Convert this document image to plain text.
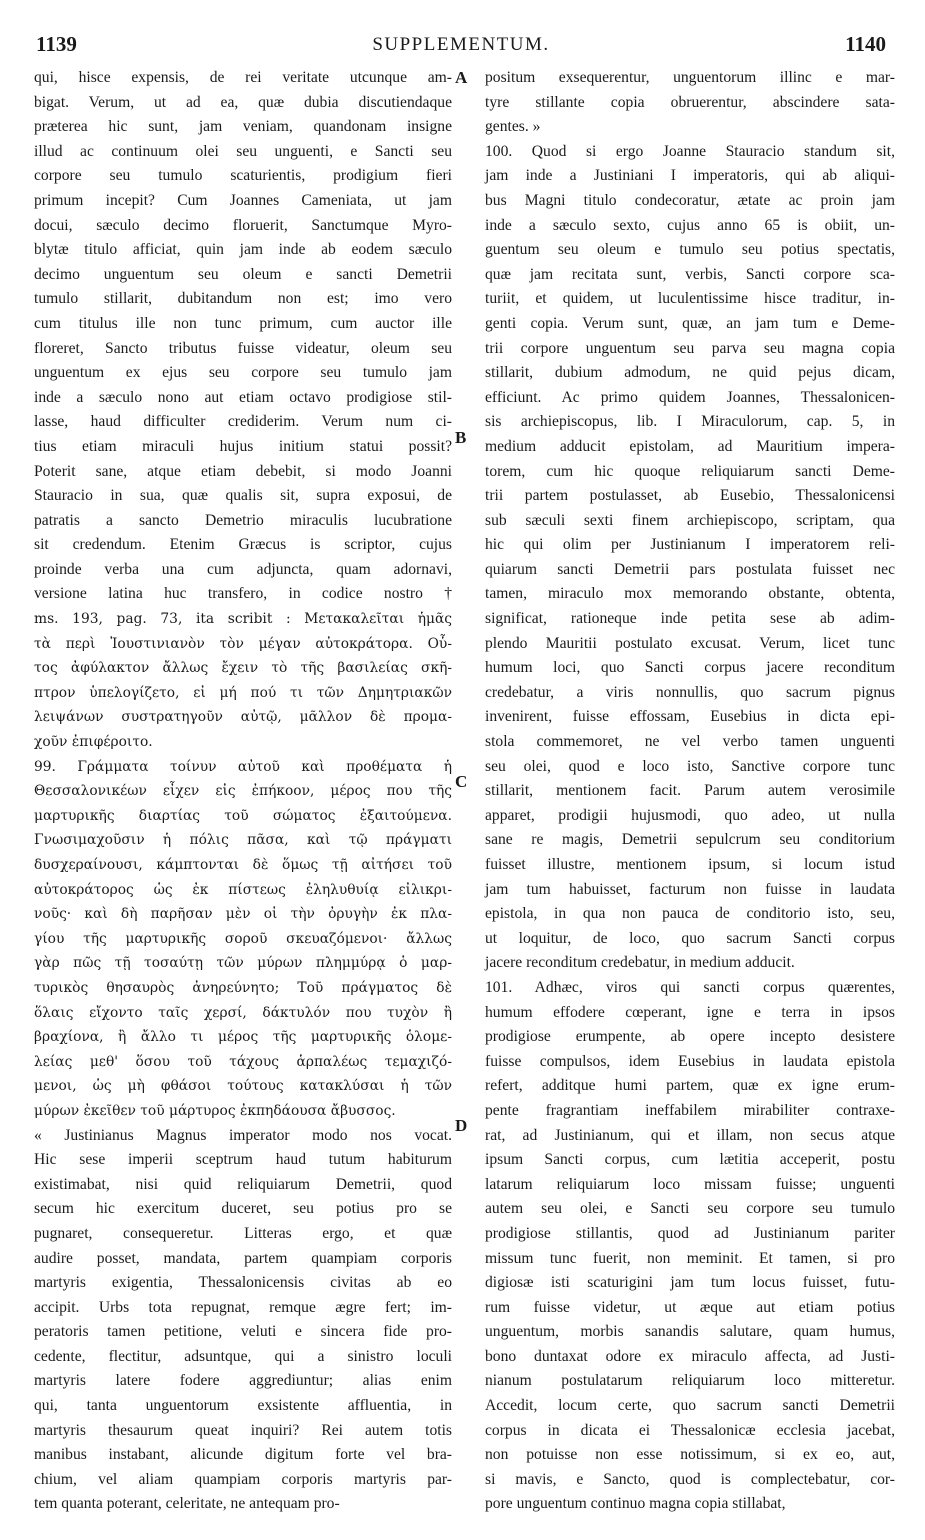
1139	SUPPLEMENTUM.	1140
qui, hisce expensis, de rei veritate utcunque am-
bigat. Verum, ut ad ea, quæ dubia discutiendaque
præterea hic sunt, jam veniam, quandonam insigne
illud ac continuum olei seu unguenti, e Sancti seu
corpore seu tumulo scaturientis, prodigium fieri
primum incepit? Cum Joannes Cameniata, ut jam
docui, sæculo decimo floruerit, Sanctumque Myro-
blytæ titulo afficiat, quin jam inde ab eodem sæculo
decimo unguentum seu oleum e sancti Demetrii
tumulo stillarit, dubitandum non est; imo vero
cum titulus ille non tunc primum, cum auctor ille
floreret, Sancto tributus fuisse videatur, oleum seu
unguentum ex ejus seu corpore seu tumulo jam
inde a sæculo nono aut etiam octavo prodigiose stil-
lasse, haud difficulter crediderim. Verum num ci-
tius etiam miraculi hujus initium statui possit?
Poterit sane, atque etiam debebit, si modo Joanni
Stauracio in sua, quæ qualis sit, supra exposui, de
patratis a sancto Demetrio miraculis lucubratione
sit credendum. Etenim Græcus is scriptor, cujus
proinde verba una cum adjuncta, quam adornavi,
versione latina huc transfero, in codice nostro †
ms. 193, pag. 73, ita scribit : Μετακαλεῖται ἡμᾶς
τὰ περὶ Ἰουστινιανὸν τὸν μέγαν αὐτοκράτορα. Οὗ-
τος ἀφύλακτον ἄλλως ἔχειν τὸ τῆς βασιλείας σκῆ-
πτρον ὑπελογίζετο, εἰ μή πού τι τῶν Δημητριακῶν
λειψάνων συστρατηγοῦν αὐτῷ, μᾶλλον δὲ προμα-
χοῦν ἐπιφέροιτο.
99. Γράμματα τοίνυν αὐτοῦ καὶ προθέματα ἡ
Θεσσαλονικέων εἶχεν εἰς ἐπήκοον, μέρος που τῆς
μαρτυρικῆς διαρτίας τοῦ σώματος ἐξαιτούμενα.
Γνωσιμαχοῦσιν ἡ πόλις πᾶσα, καὶ τῷ πράγματι
δυσχεραίνουσι, κάμπτονται δὲ ὅμως τῇ αἰτήσει τοῦ
αὐτοκράτορος ὡς ἐκ πίστεως ἐληλυθυίᾳ εἰλικρι-
νοῦς· καὶ δὴ παρῆσαν μὲν οἱ τὴν ὀρυγὴν ἐκ πλα-
γίου τῆς μαρτυρικῆς σοροῦ σκευαζόμενοι· ἄλλως
γὰρ πῶς τῇ τοσαύτῃ τῶν μύρων πλημμύρᾳ ὁ μαρ-
τυρικὸς θησαυρὸς ἀνηρεύνητο; Τοῦ πράγματος δὲ
ὅλαις εἴχοντο ταῖς χερσί, δάκτυλόν που τυχὸν ἢ
βραχίονα, ἢ ἄλλο τι μέρος τῆς μαρτυρικῆς ὁλομε-
λείας μεθ' ὅσου τοῦ τάχους ἁρπαλέως τεμαχιζό-
μενοι, ὡς μὴ φθάσοι τούτους κατακλύσαι ἡ τῶν
μύρων ἐκεῖθεν τοῦ μάρτυρος ἐκπηδάουσα ἄβυσσος.
« Justinianus Magnus imperator modo nos vocat.
Hic sese imperii sceptrum haud tutum habiturum
existimabat, nisi quid reliquiarum Demetrii, quod
secum hic exercitum duceret, seu potius pro se
pugnaret, consequeretur. Litteras ergo, et quæ
audire posset, mandata, partem quampiam corporis
martyris exigentia, Thessalonicensis civitas ab eo
accipit. Urbs tota repugnat, remque ægre fert; im-
peratoris tamen petitione, veluti e sincera fide pro-
cedente, flectitur, adsuntque, qui a sinistro loculi
martyris latere fodere aggrediuntur; alias enim
qui, tanta unguentorum exsistente affluentia, in
martyris thesaurum queat inquiri? Rei autem totis
manibus instabant, alicunde digitum forte vel bra-
chium, vel aliam quampiam corporis martyris par-
tem quanta poterant, celeritate, ne antequam pro-
positum exsequerentur, unguentorum illinc e mar-
tyre stillante copia obruerentur, abscindere sata-
gentes. »
100. Quod si ergo Joanne Stauracio standum sit,
jam inde a Justiniani I imperatoris, qui ab aliqui-
bus Magni titulo condecoratur, ætate ac proin jam
inde a sæculo sexto, cujus anno 65 is obiit, un-
guentum seu oleum e tumulo seu potius spectatis,
quæ jam recitata sunt, verbis, Sancti corpore sca-
turiit, et quidem, ut luculentissime hisce traditur, in-
genti copia. Verum sunt, quæ, an jam tum e Deme-
trii corpore unguentum seu parva seu magna copia
stillarit, dubium admodum, ne quid pejus dicam,
efficiunt. Ac primo quidem Joannes, Thessalonicen-
sis archiepiscopus, lib. I Miraculorum, cap. 5, in
medium adducit epistolam, ad Mauritium impera-
torem, cum hic quoque reliquiarum sancti Deme-
trii partem postulasset, ab Eusebio, Thessalonicensi
sub sæculi sexti finem archiepiscopo, scriptam, qua
hic qui olim per Justinianum I imperatorem reli-
quiarum sancti Demetrii pars postulata fuisset nec
tamen, miraculo mox memorando obstante, obtenta,
significat, rationeque inde petita sese ab adim-
plendo Mauritii postulato excusat. Verum, licet tunc
humum loci, quo Sancti corpus jacere reconditum
credebatur, a viris nonnullis, quo sacrum pignus
invenirent, fuisse effossam, Eusebius in dicta epi-
stola commemoret, ne vel verbo tamen unguenti
seu olei, quod e loco isto, Sanctive corpore tunc
stillarit, mentionem facit. Parum autem verosimile
apparet, prodigii hujusmodi, quo adeo, ut nulla
sane re magis, Demetrii sepulcrum seu conditorium
fuisset illustre, mentionem ipsum, si locum istud
jam tum habuisset, facturum non fuisse in laudata
epistola, in qua non pauca de conditorio isto, seu,
ut loquitur, de loco, quo sacrum Sancti corpus
jacere reconditum credebatur, in medium adducit.
101. Adhæc, viros qui sancti corpus quærentes,
humum effodere cœperant, igne e terra in ipsos
prodigiose erumpente, ab opere incepto desistere
fuisse compulsos, idem Eusebius in laudata epistola
refert, additque humi partem, quæ ex igne erum-
pente fragrantiam ineffabilem mirabiliter contraxe-
rat, ad Justinianum, qui et illam, non secus atque
ipsum Sancti corpus, cum lætitia acceperit, postu
latarum reliquiarum loco missam fuisse; unguenti
autem seu olei, e Sancti seu corpore seu tumulo
prodigiose stillantis, quod ad Justinianum pariter
missum tunc fuerit, non meminit. Et tamen, si pro
digiosæ isti scaturigini jam tum locus fuisset, futu-
rum fuisse videtur, ut æque aut etiam potius
unguentum, morbis sanandis salutare, quam humus,
bono duntaxat odore ex miraculo affecta, ad Justi-
nianum postulatarum reliquiarum loco mitteretur.
Accedit, locum certe, quo sacrum sancti Demetrii
corpus in dicata ei Thessalonicæ ecclesia jacebat,
non potuisse non esse notissimum, si ex eo, aut,
si mavis, e Sancto, quod is complectebatur, cor-
pore unguentum continuo magna copia stillabat,
A
B
C
D
